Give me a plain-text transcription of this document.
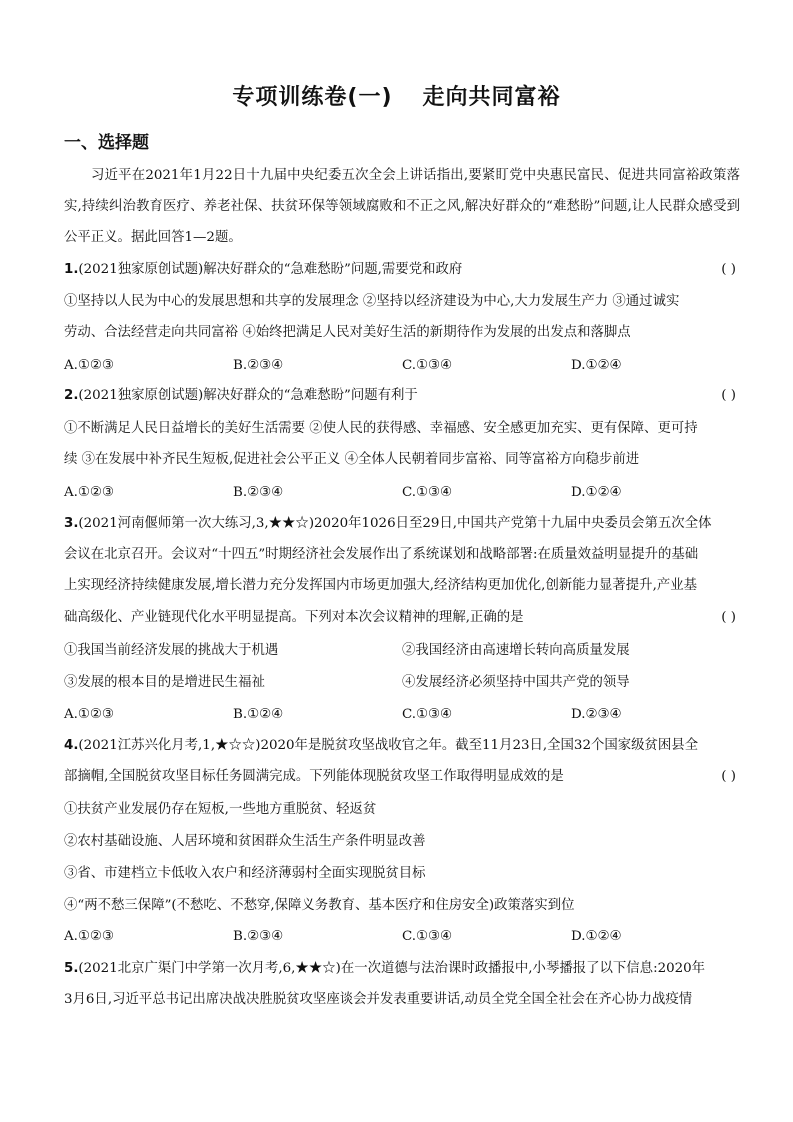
专项训练卷(一) 走向共同富裕
一、选择题

习近平在2021年1月22日十九届中央纪委五次全会上讲话指出,要紧盯党中央惠民富民、促进共同富裕政策落实,持续纠治教育医疗、养老社保、扶贫环保等领域腐败和不正之风,解决好群众的“难愁盼”问题,让人民群众感受到公平正义。据此回答1—2题。

1.(2021独家原创试题)解决好群众的“急难愁盼”问题,需要党和政府	( )
①坚持以人民为中心的发展思想和共享的发展理念 ②坚持以经济建设为中心,大力发展生产力 ③通过诚实
劳动、合法经营走向共同富裕 ④始终把满足人民对美好生活的新期待作为发展的出发点和落脚点
A.①②③	B.②③④	C.①③④	D.①②④
2.(2021独家原创试题)解决好群众的“急难愁盼”问题有利于	( )
①不断满足人民日益增长的美好生活需要 ②使人民的获得感、幸福感、安全感更加充实、更有保障、更可持
续 ③在发展中补齐民生短板,促进社会公平正义 ④全体人民朝着同步富裕、同等富裕方向稳步前进
A.①②③	B.②③④	C.①③④	D.①②④
3.(2021河南偃师第一次大练习,3,★★☆)2020年1026日至29日,中国共产党第十九届中央委员会第五次全体
会议在北京召开。会议对“十四五”时期经济社会发展作出了系统谋划和战略部署:在质量效益明显提升的基础
上实现经济持续健康发展,增长潜力充分发挥国内市场更加强大,经济结构更加优化,创新能力显著提升,产业基
础高级化、产业链现代化水平明显提高。下列对本次会议精神的理解,正确的是	( )
①我国当前经济发展的挑战大于机遇	②我国经济由高速增长转向高质量发展
③发展的根本目的是增进民生福祉	④发展经济必须坚持中国共产党的领导
A.①②③	B.①②④	C.①③④	D.②③④
4.(2021江苏兴化月考,1,★☆☆)2020年是脱贫攻坚战收官之年。截至11月23日,全国32个国家级贫困县全
部摘帽,全国脱贫攻坚目标任务圆满完成。下列能体现脱贫攻坚工作取得明显成效的是	( )
①扶贫产业发展仍存在短板,一些地方重脱贫、轻返贫
②农村基础设施、人居环境和贫困群众生活生产条件明显改善
③省、市建档立卡低收入农户和经济薄弱村全面实现脱贫目标
④“两不愁三保障”(不愁吃、不愁穿,保障义务教育、基本医疗和住房安全)政策落实到位
A.①②③	B.②③④	C.①③④	D.①②④
5.(2021北京广渠门中学第一次月考,6,★★☆)在一次道德与法治课时政播报中,小琴播报了以下信息:2020年
3月6日,习近平总书记出席决战决胜脱贫攻坚座谈会并发表重要讲话,动员全党全国全社会在齐心协力战疫情
